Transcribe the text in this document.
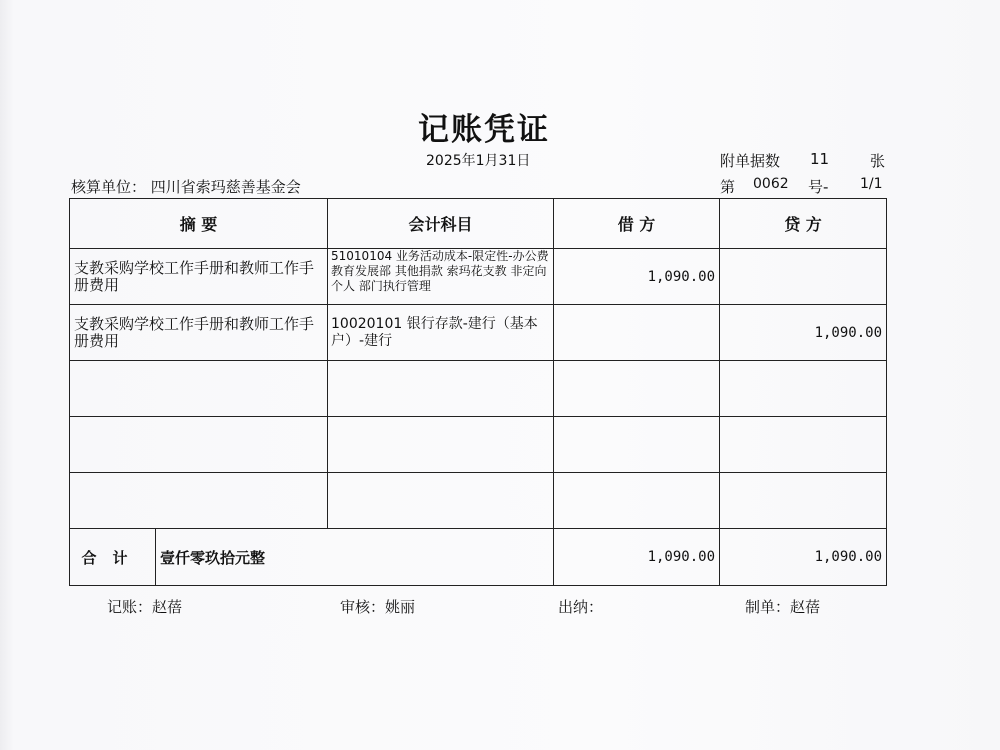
记账凭证
2025年1月31日	附单据数 11	张
核算单位： 四川省索玛慈善基金会	第 0062 号- 1/1
摘 要		会计科目	借 方	贷 方
支教采购学校工作手册和教师工作手册费用		51010104 业务活动成本-限定性-办公费 教育发展部 其他捐款 索玛花支教 非定向 个人 部门执行管理	1,090.00	
支教采购学校工作手册和教师工作手册费用		10020101 银行存款-建行（基本户）-建行		1,090.00

合计	壹仟零玖拾元整		1,090.00	1,090.00
记账：赵蓓	审核：姚丽	出纳：	制单：赵蓓
